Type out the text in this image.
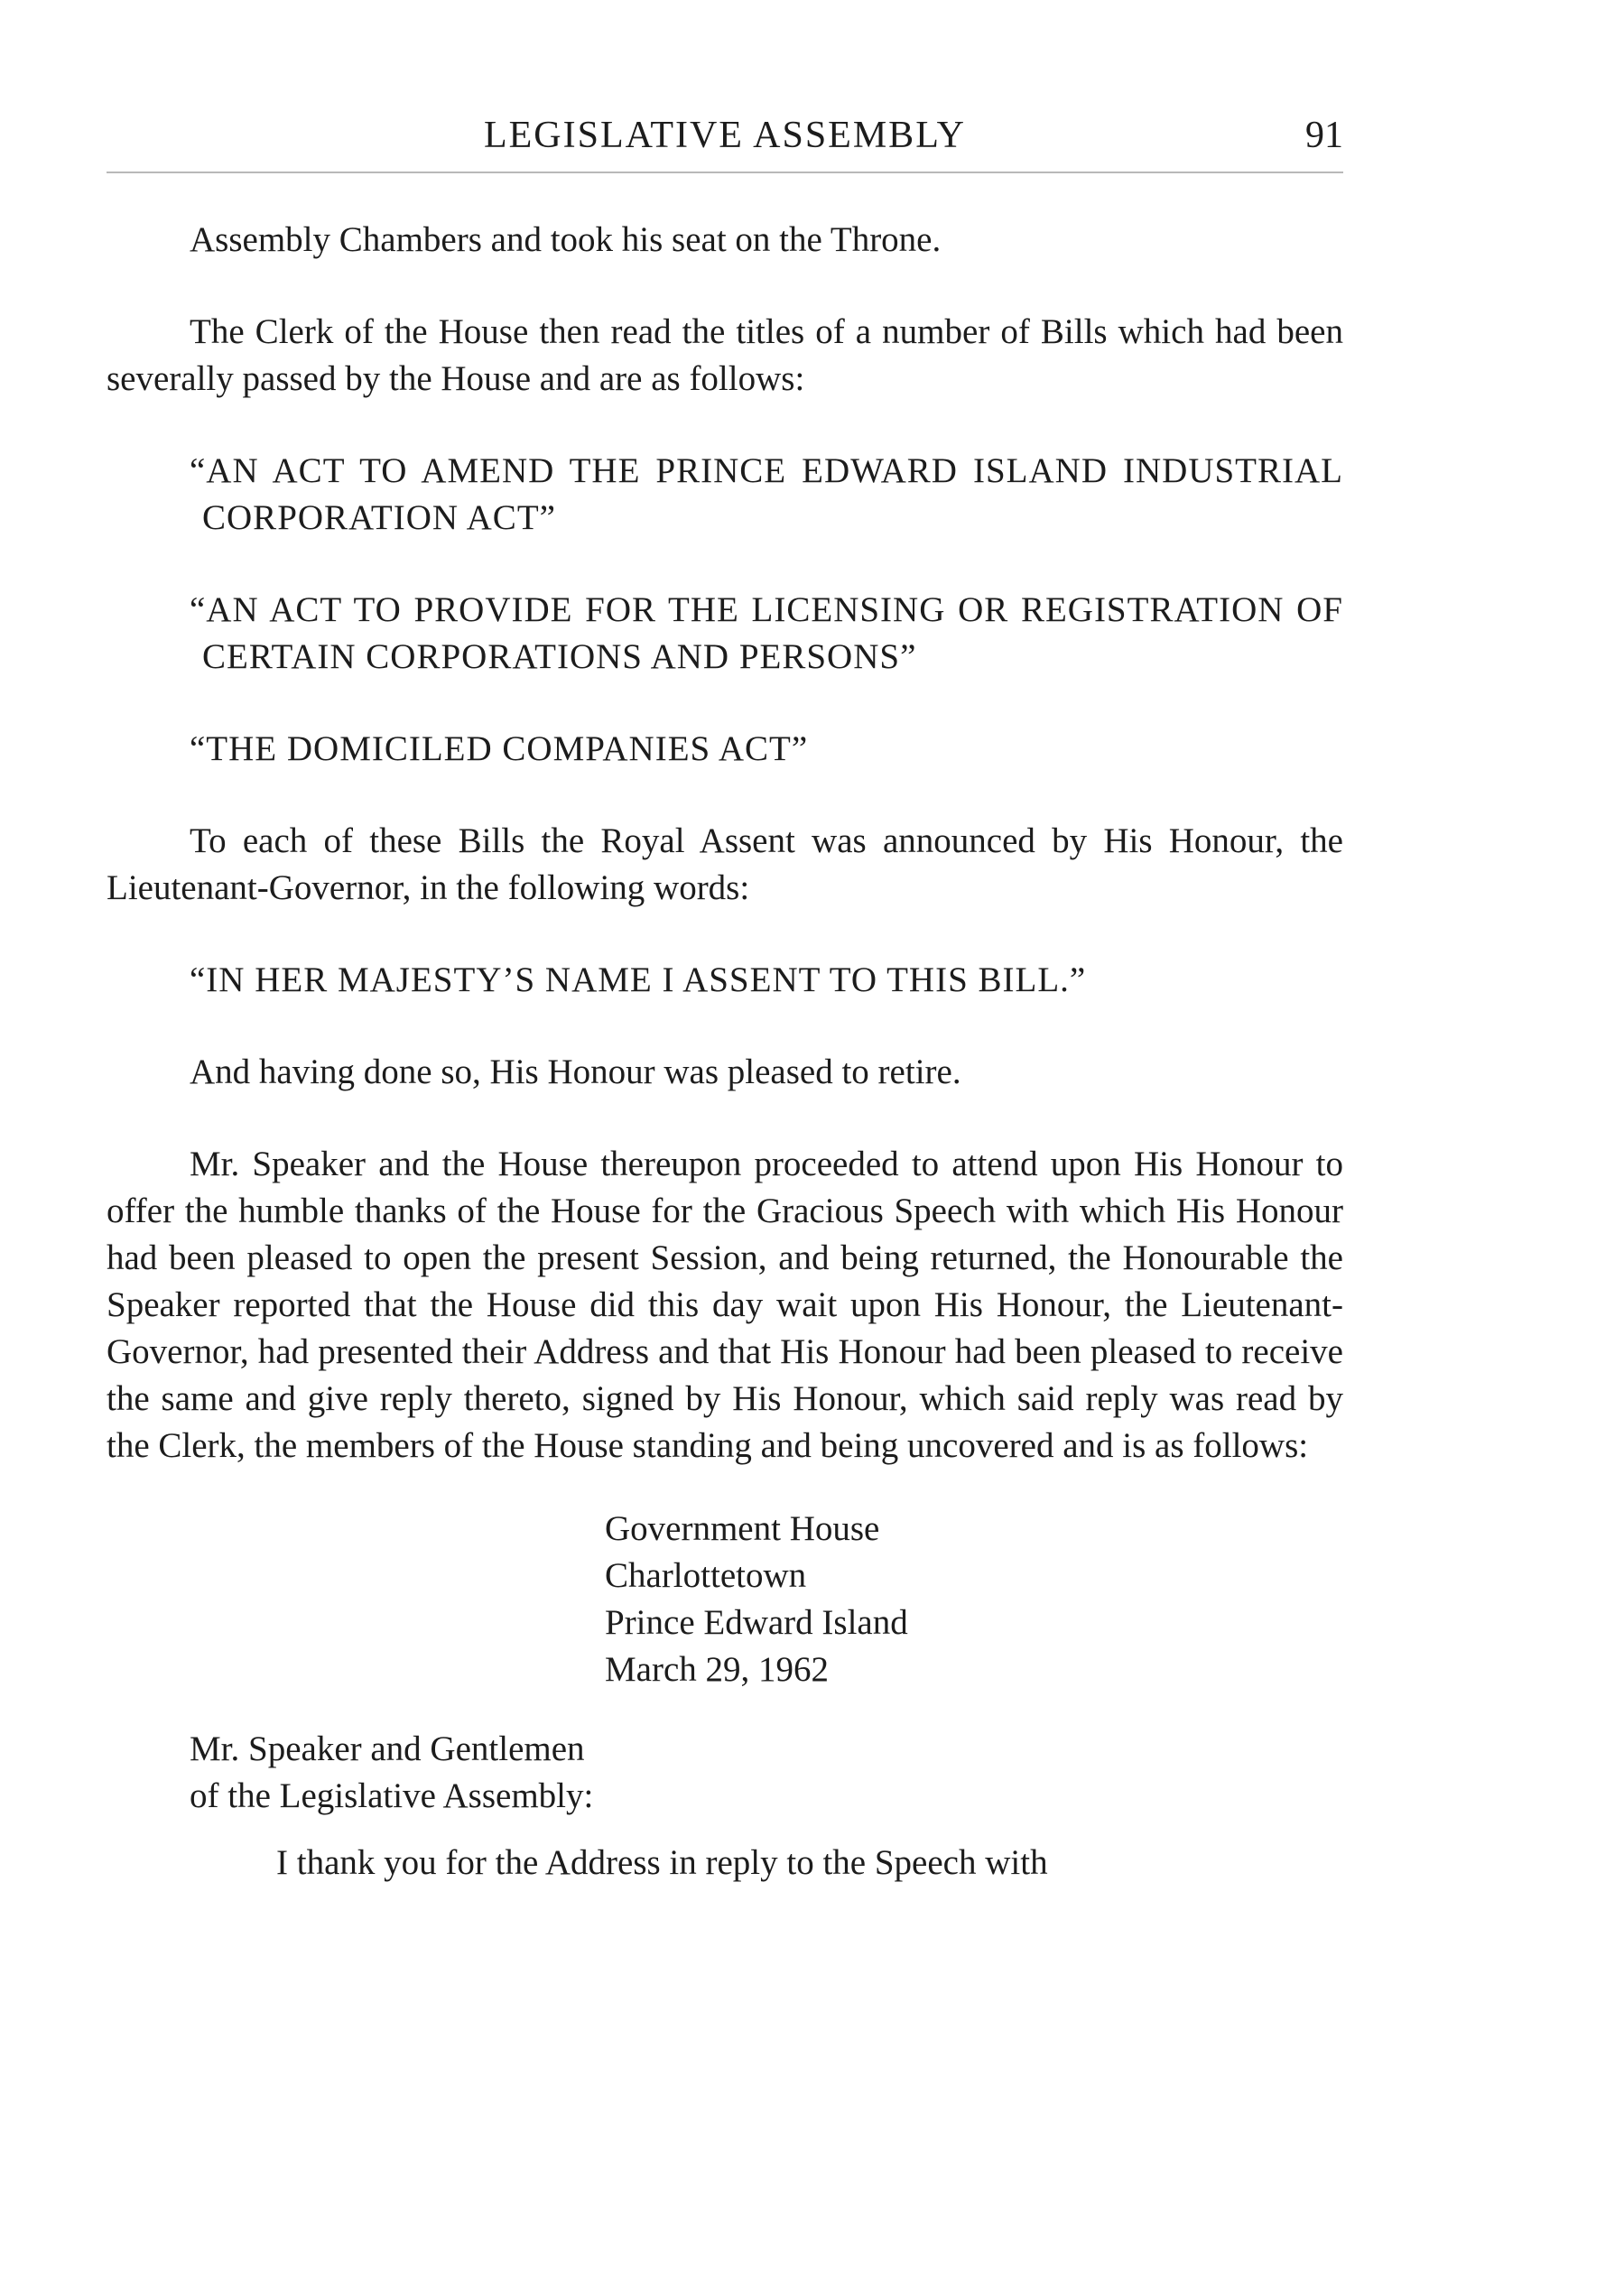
LEGISLATIVE ASSEMBLY	91

Assembly Chambers and took his seat on the Throne.

The Clerk of the House then read the titles of a number of Bills which had been severally passed by the House and are as follows:

“AN ACT TO AMEND THE PRINCE EDWARD ISLAND INDUSTRIAL CORPORATION ACT”

“AN ACT TO PROVIDE FOR THE LICENSING OR REGISTRATION OF CERTAIN CORPORATIONS AND PERSONS”

“THE DOMICILED COMPANIES ACT”

To each of these Bills the Royal Assent was announced by His Honour, the Lieutenant-Governor, in the following words:

“IN HER MAJESTY’S NAME I ASSENT TO THIS BILL.”

And having done so, His Honour was pleased to retire.

Mr. Speaker and the House thereupon proceeded to attend upon His Honour to offer the humble thanks of the House for the Gracious Speech with which His Honour had been pleased to open the present Session, and being returned, the Honourable the Speaker reported that the House did this day wait upon His Honour, the Lieutenant-Governor, had presented their Address and that His Honour had been pleased to receive the same and give reply thereto, signed by His Honour, which said reply was read by the Clerk, the members of the House standing and being uncovered and is as follows:

Government House
Charlottetown
Prince Edward Island
March 29, 1962
Mr. Speaker and Gentlemen
of the Legislative Assembly:

I thank you for the Address in reply to the Speech with
